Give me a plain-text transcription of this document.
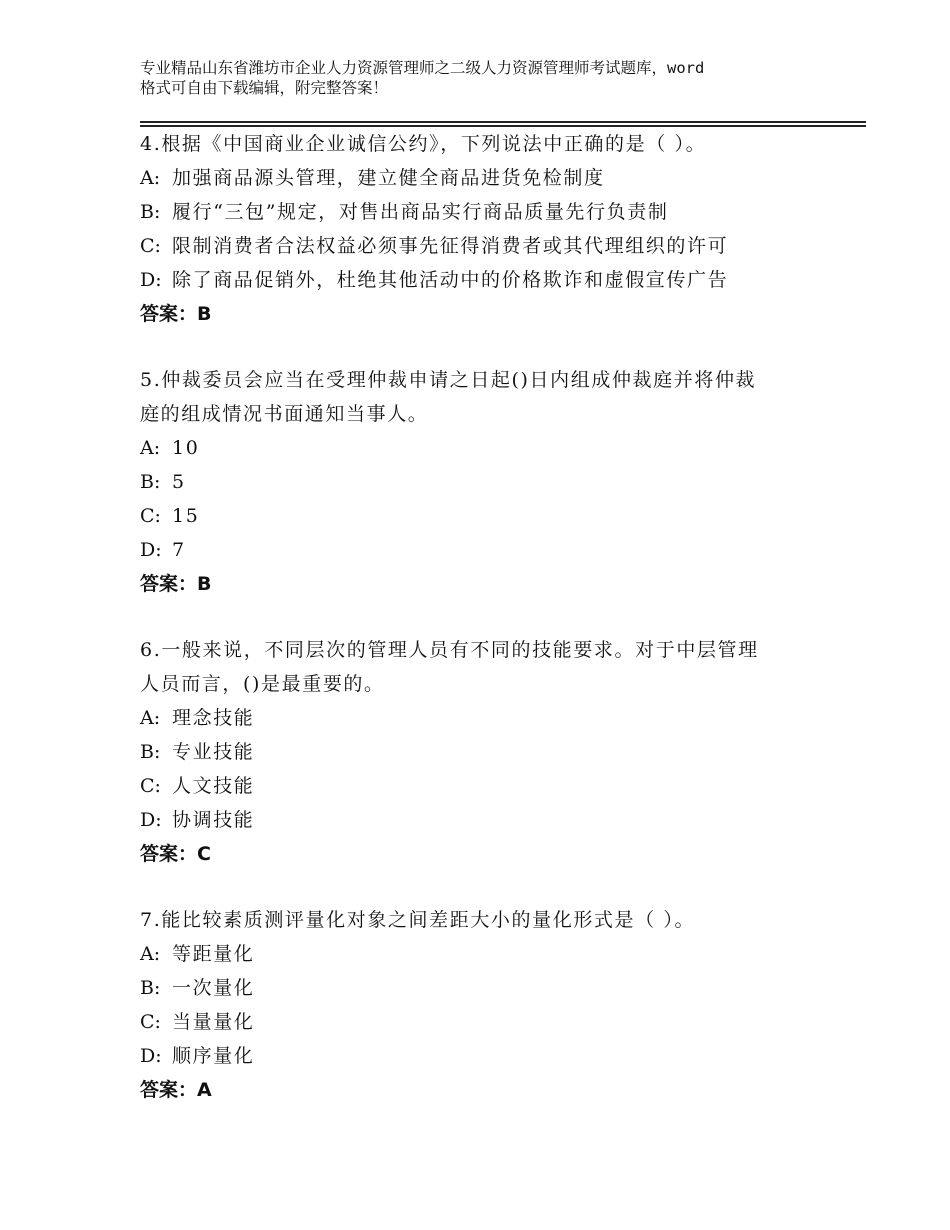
专业精品山东省潍坊市企业人力资源管理师之二级人力资源管理师考试题库，word
格式可自由下载编辑，附完整答案！
4.根据《中国商业企业诚信公约》，下列说法中正确的是（ ）。
A: 加强商品源头管理，建立健全商品进货免检制度
B: 履行“三包”规定，对售出商品实行商品质量先行负责制
C: 限制消费者合法权益必须事先征得消费者或其代理组织的许可
D: 除了商品促销外，杜绝其他活动中的价格欺诈和虚假宣传广告
答案：B
5.仲裁委员会应当在受理仲裁申请之日起()日内组成仲裁庭并将仲裁
庭的组成情况书面通知当事人。
A: 10
B: 5
C: 15
D: 7
答案：B
6.一般来说，不同层次的管理人员有不同的技能要求。对于中层管理
人员而言，()是最重要的。
A: 理念技能
B: 专业技能
C: 人文技能
D: 协调技能
答案：C
7.能比较素质测评量化对象之间差距大小的量化形式是（ ）。
A: 等距量化
B: 一次量化
C: 当量量化
D: 顺序量化
答案：A
